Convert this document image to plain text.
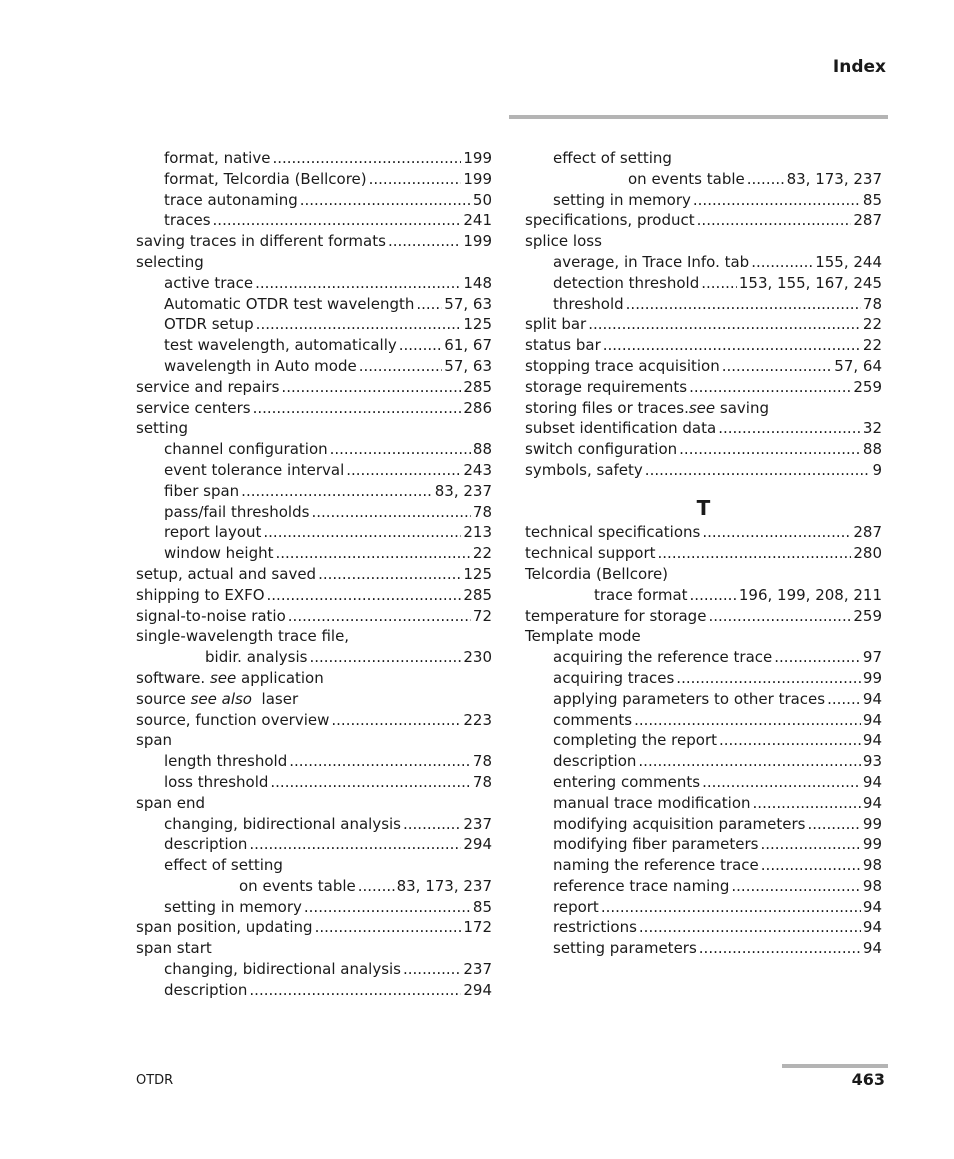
Index
format, native .....	199
format, Telcordia (Bellcore) .....	199
trace autonaming .....	50
traces .....	241
saving traces in different formats .....	199
selecting
active trace .....	148
Automatic OTDR test wavelength ..... 57, 63
OTDR setup .....	125
test wavelength, automatically .....	61, 67
wavelength in Auto mode .....	57, 63
service and repairs .....	285
service centers .....	286
setting
channel configuration .....	88
event tolerance interval .....	243
fiber span .....	83, 237
pass/fail thresholds .....	78
report layout .....	213
window height .....	22
setup, actual and saved .....	125
shipping to EXFO .....	285
signal-to-noise ratio .....	72
single-wavelength trace file,
bidir. analysis .....	230
software. see application
source see also laser
source, function overview .....	223
span
length threshold .....	78
loss threshold .....	78
span end
changing, bidirectional analysis .....	237
description .....	294
effect of setting
on events table .....	83, 173, 237
setting in memory .....	85
span position, updating .....	172
span start
changing, bidirectional analysis .....	237
description .....	294
effect of setting
on events table .....	83, 173, 237
setting in memory .....	85
specifications, product .....	287
splice loss
average, in Trace Info. tab .....	155, 244
detection threshold .....	153, 155, 167, 245
threshold .....	78
split bar .....	22
status bar .....	22
stopping trace acquisition .....	57, 64
storage requirements .....	259
storing files or traces. see saving
subset identification data .....	32
switch configuration .....	88
symbols, safety .....	9
T
technical specifications .....	287
technical support .....	280
Telcordia (Bellcore)
trace format .....	196, 199, 208, 211
temperature for storage .....	259
Template mode
acquiring the reference trace .....	97
acquiring traces .....	99
applying parameters to other traces .....	94
comments .....	94
completing the report .....	94
description .....	93
entering comments .....	94
manual trace modification .....	94
modifying acquisition parameters .....	99
modifying fiber parameters .....	99
naming the reference trace .....	98
reference trace naming .....	98
report .....	94
restrictions .....	94
setting parameters .....	94
OTDR	463
